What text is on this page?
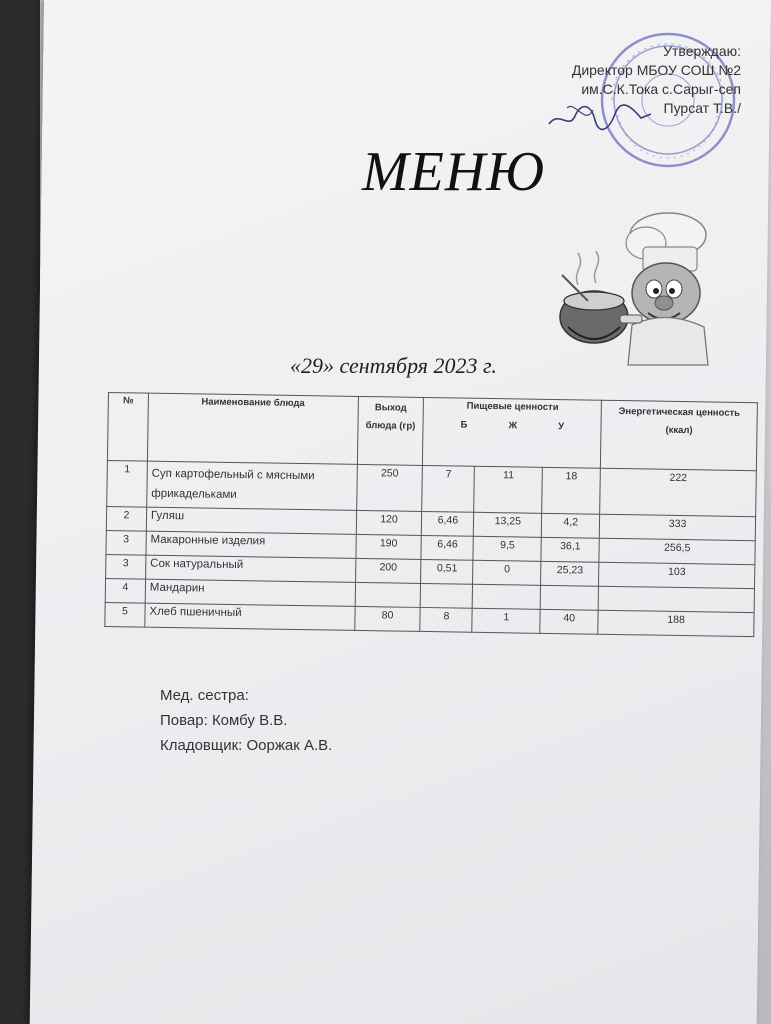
Утверждаю:
Директор МБОУ СОШ №2
им.С.К.Тока с.Сарыг-сеп
Пурсат Т.В./
МЕНЮ
«29» сентября 2023 г.
№	Наименование блюда	Выход блюда (гр)	Пищевые ценности
Б Ж У			Энергетическая ценность (ккал)
1	Суп картофельный с мясными фрикадельками	250	7	11	18	222
2	Гуляш	120	6,46	13,25	4,2	333
3	Макаронные изделия	190	6,46	9,5	36,1	256,5
3	Сок натуральный	200	0,51	0	25,23	103
4	Мандарин					
5	Хлеб пшеничный	80	8	1	40	188
Мед. сестра:
Повар: Комбу В.В.
Кладовщик: Ооржак А.В.
